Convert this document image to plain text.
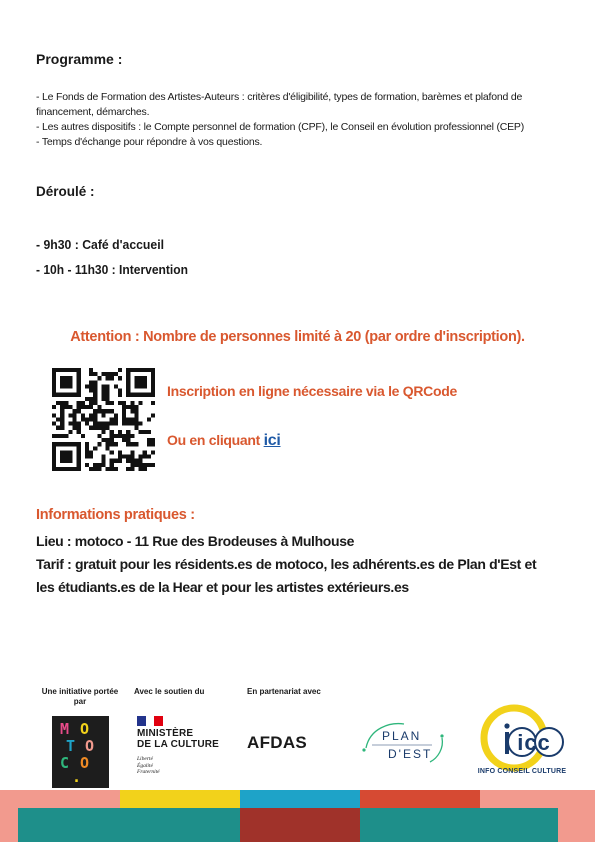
Programme :
- Le Fonds de Formation des Artistes-Auteurs : critères d'éligibilité, types de formation, barèmes et plafond de
financement, démarches.
- Les autres dispositifs : le Compte personnel de formation (CPF), le Conseil en évolution professionnel (CEP)
- Temps d'échange pour répondre à vos questions.
Déroulé :
- 9h30 : Café d'accueil
- 10h - 11h30 : Intervention
Attention : Nombre de personnes limité à 20 (par ordre d'inscription).
Inscription en ligne nécessaire via le QRCode
Ou en cliquant ici
Informations pratiques :
Lieu : motoco - 11 Rue des Brodeuses à Mulhouse
Tarif : gratuit pour les résidents.es de motoco, les adhérents.es de Plan d'Est et
les étudiants.es de la Hear et pour les artistes extérieurs.es
Une initiative portée
par
Avec le soutien du	En partenariat avec
M O
T O
C O
.
MINISTÈRE
DE LA CULTURE
Liberté
Égalité
Fraternité
AFDAS	PLAN
D'EST	icc
INFO CONSEIL CULTURE
